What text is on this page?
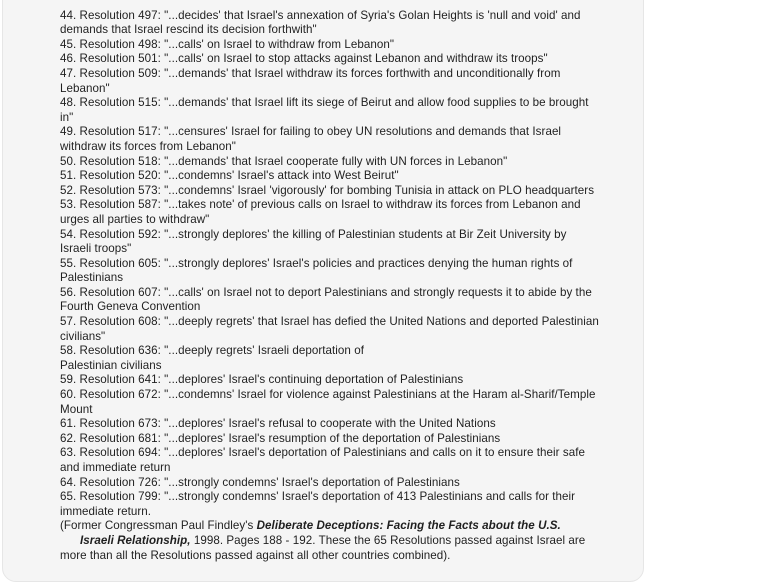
44. Resolution 497: "...decides' that Israel's annexation of Syria's Golan Heights is 'null and void' and demands that Israel rescind its decision forthwith"

45. Resolution 498: "...calls' on Israel to withdraw from Lebanon"

46. Resolution 501: "...calls' on Israel to stop attacks against Lebanon and withdraw its troops"

47. Resolution 509: "...demands' that Israel withdraw its forces forthwith and unconditionally from Lebanon"

48. Resolution 515: "...demands' that Israel lift its siege of Beirut and allow food supplies to be brought in"

49. Resolution 517: "...censures' Israel for failing to obey UN resolutions and demands that Israel withdraw its forces from Lebanon"

50. Resolution 518: "...demands' that Israel cooperate fully with UN forces in Lebanon"

51. Resolution 520: "...condemns' Israel's attack into West Beirut"

52. Resolution 573: "...condemns' Israel 'vigorously' for bombing Tunisia in attack on PLO headquarters

53. Resolution 587: "...takes note' of previous calls on Israel to withdraw its forces from Lebanon and urges all parties to withdraw"

54. Resolution 592: "...strongly deplores' the killing of Palestinian students at Bir Zeit University by Israeli troops"

55. Resolution 605: "...strongly deplores' Israel's policies and practices denying the human rights of Palestinians

56. Resolution 607: "...calls' on Israel not to deport Palestinians and strongly requests it to abide by the Fourth Geneva Convention

57. Resolution 608: "...deeply regrets' that Israel has defied the United Nations and deported Palestinian civilians"

58. Resolution 636: "...deeply regrets' Israeli deportation of
Palestinian civilians

59. Resolution 641: "...deplores' Israel's continuing deportation of Palestinians

60. Resolution 672: "...condemns' Israel for violence against Palestinians at the Haram al-Sharif/Temple Mount

61. Resolution 673: "...deplores' Israel's refusal to cooperate with the United Nations

62. Resolution 681: "...deplores' Israel's resumption of the deportation of Palestinians

63. Resolution 694: "...deplores' Israel's deportation of Palestinians and calls on it to ensure their safe and immediate return

64. Resolution 726: "...strongly condemns' Israel's deportation of Palestinians

65. Resolution 799: "...strongly condemns' Israel's deportation of 413 Palestinians and calls for their immediate return.

(Former Congressman Paul Findley's Deliberate Deceptions: Facing the Facts about the U.S.
Israeli Relationship, 1998. Pages 188 - 192. These the 65 Resolutions passed against Israel are more than all the Resolutions passed against all other countries combined).
